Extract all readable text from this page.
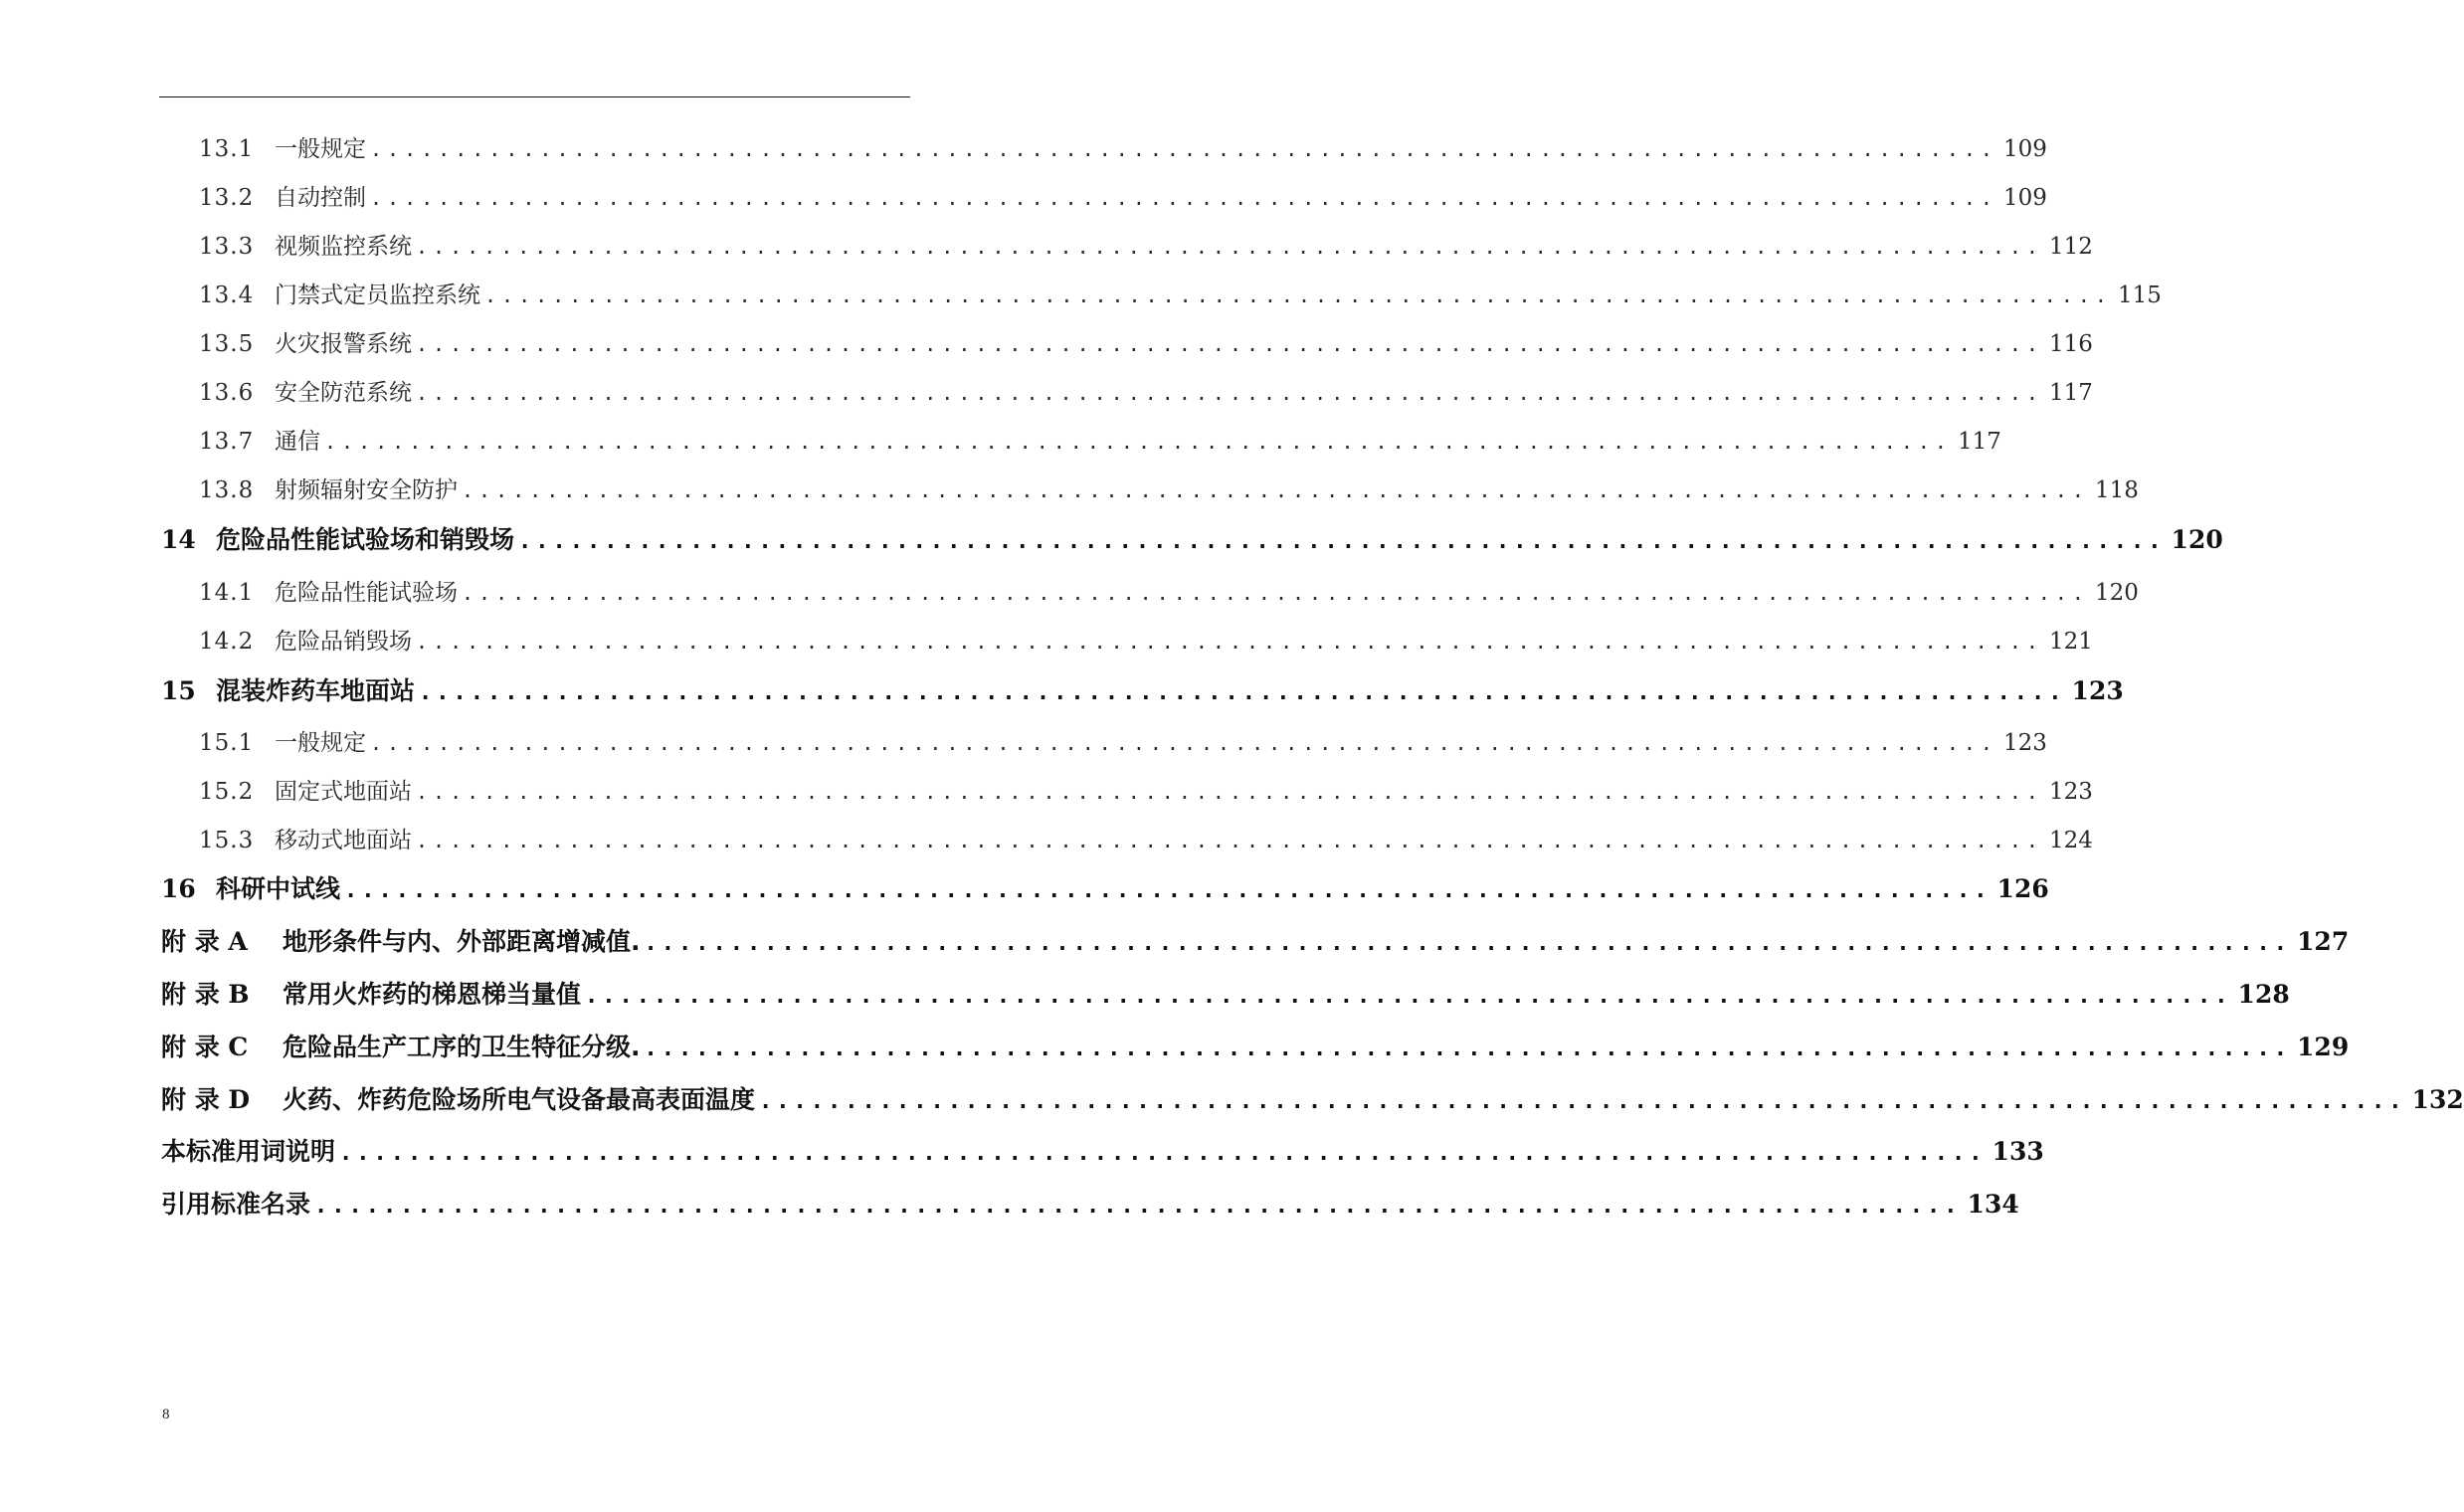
13.1 一般规定 ................................................................................................ 109
13.2 自动控制 ................................................................................................ 109
13.3 视频监控系统 ................................................................................................ 112
13.4 门禁式定员监控系统 ................................................................................................ 115
13.5 火灾报警系统 ................................................................................................ 116
13.6 安全防范系统 ................................................................................................ 117
13.7 通信 ................................................................................................ 117
13.8 射频辐射安全防护 ................................................................................................ 118
14 危险品性能试验场和销毁场 ................................................................................................ 120
14.1 危险品性能试验场 ................................................................................................ 120
14.2 危险品销毁场 ................................................................................................ 121
15 混装炸药车地面站 ................................................................................................ 123
15.1 一般规定 ................................................................................................ 123
15.2 固定式地面站 ................................................................................................ 123
15.3 移动式地面站 ................................................................................................ 124
16 科研中试线 ................................................................................................ 126
附 录 A	地形条件与内、外部距离增减值. ................................................................................................ 127
附 录 B	常用火炸药的梯恩梯当量值 ................................................................................................ 128
附 录 C	危险品生产工序的卫生特征分级. ................................................................................................ 129
附 录 D	火药、炸药危险场所电气设备最高表面温度 ................................................................................................ 132
本标准用词说明 ................................................................................................ 133
引用标准名录 ................................................................................................ 134
8
